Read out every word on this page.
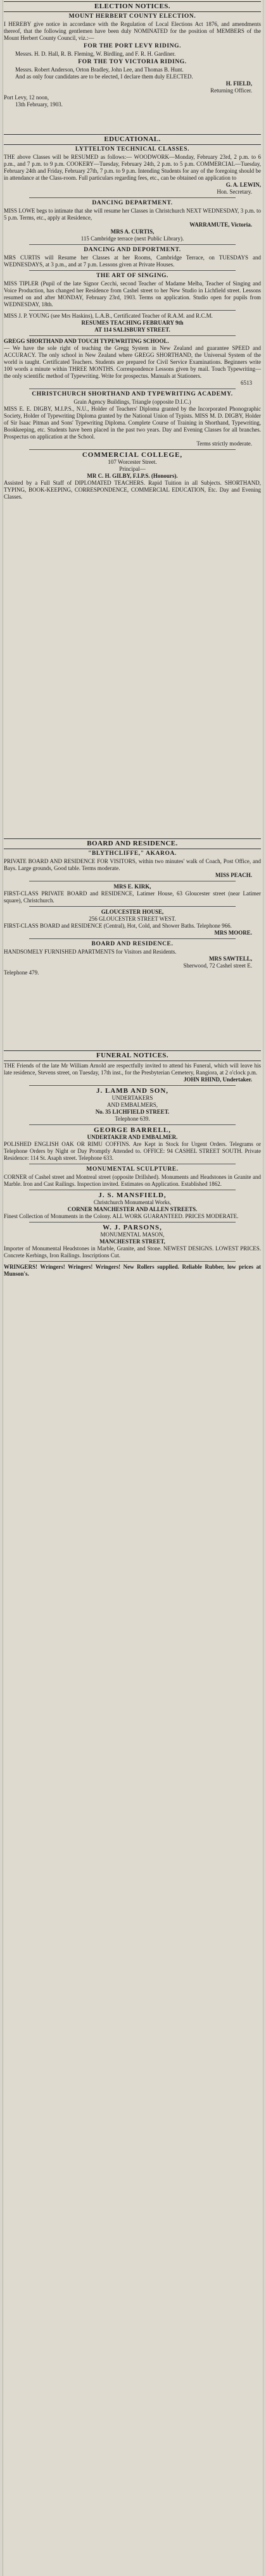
ELECTION NOTICES.
MOUNT HERBERT COUNTY ELECTION.
I HEREBY give notice in accordance with the Regulation of Local Elections Act 1876, and amendments thereof, that the following gentlemen have been duly NOMINATED for the position of MEMBERS of the Mount Herbert County Council, viz.:—
FOR THE PORT LEVY RIDING.
Messrs. H. D. Hall, R. B. Fleming, W. Birdling, and F. R. H. Gardiner.
FOR THE TOY VICTORIA RIDING.
Messrs. Robert Anderson, Orton Bradley, John Lee, and Thomas B. Hunt.
And as only four candidates are to be elected, I declare them duly ELECTED.
H. FIELD,
Returning Officer.
Port Levy, 12 noon,
13th February, 1903.
EDUCATIONAL.
LYTTELTON TECHNICAL CLASSES.
THE above Classes will be RESUMED as follows:— WOODWORK—Monday, February 23rd, 2 p.m. to 6 p.m., and 7 p.m. to 9 p.m. COOKERY—Tuesday, February 24th, 2 p.m. to 5 p.m. COMMERCIAL—Tuesday, February 24th and Friday, February 27th, 7 p.m. to 9 p.m. Intending Students for any of the foregoing should be in attendance at the Class-room. Full particulars regarding fees, etc., can be obtained on application to
G. A. LEWIN,
Hon. Secretary.
DANCING DEPARTMENT.
MISS LOWE begs to intimate that she will resume her Classes in Christchurch NEXT WEDNESDAY, 3 p.m. to 5 p.m. Terms, etc., apply at Residence,
WARRAMUTE, Victoria.
MRS A. CURTIS,
115 Cambridge terrace (next Public Library).
DANCING AND DEPORTMENT.
MRS CURTIS will Resume her Classes at her Rooms, Cambridge Terrace, on TUESDAYS and WEDNESDAYS, at 3 p.m., and at 7 p.m. Lessons given at Private Houses.
THE ART OF SINGING.
MISS TIPLER (Pupil of the late Signor Cecchi, second Teacher of Madame Melba, Teacher of Singing and Voice Production, has changed her Residence from Cashel street to her New Studio in Lichfield street. Lessons resumed on and after MONDAY, February 23rd, 1903. Terms on application. Studio open for pupils from WEDNESDAY, 18th.
MISS J. P. YOUNG (see Mrs Haskins), L.A.B., Certificated Teacher of R.A.M. and R.C.M.
RESUMES TEACHING FEBRUARY 9th
AT 114 SALISBURY STREET.
GREGG SHORTHAND AND TOUCH TYPEWRITING SCHOOL.
— We have the sole right of teaching the Gregg System in New Zealand and guarantee SPEED and ACCURACY. The only school in New Zealand where GREGG SHORTHAND, the Universal System of the world is taught. Certificated Teachers. Students are prepared for Civil Service Examinations. Beginners write 100 words a minute within THREE MONTHS. Correspondence Lessons given by mail. Touch Typewriting—the only scientific method of Typewriting. Write for prospectus. Manuals at Stationers.
6513
CHRISTCHURCH SHORTHAND AND TYPEWRITING ACADEMY.
Grain Agency Buildings, Triangle (opposite D.I.C.)
MISS E. E. DIGBY, M.I.P.S., N.U., Holder of Teachers' Diploma granted by the Incorporated Phonographic Society, Holder of Typewriting Diploma granted by the National Union of Typists. MISS M. D. DIGBY, Holder of Sir Isaac Pitman and Sons' Typewriting Diploma. Complete Course of Training in Shorthand, Typewriting, Bookkeeping, etc. Students have been placed in the past two years. Day and Evening Classes for all branches. Prospectus on application at the School.
Terms strictly moderate.
COMMERCIAL COLLEGE,
107 Worcester Street.
Principal—
MR C. H. GILBY, F.I.P.S. (Honours).
Assisted by a Full Staff of DIPLOMATED TEACHERS. Rapid Tuition in all Subjects. SHORTHAND, TYPING, BOOK-KEEPING, CORRESPONDENCE, COMMERCIAL EDUCATION, Etc. Day and Evening Classes.
BOARD AND RESIDENCE.
"BLYTHCLIFFE," AKAROA.
PRIVATE BOARD AND RESIDENCE FOR VISITORS, within two minutes' walk of Coach, Post Office, and Bays. Large grounds, Good table. Terms moderate.
MISS PEACH.
MRS E. KIRK,
FIRST-CLASS PRIVATE BOARD and RESIDENCE, Latimer House, 63 Gloucester street (near Latimer square), Christchurch.
GLOUCESTER HOUSE,
256 GLOUCESTER STREET WEST.
FIRST-CLASS BOARD and RESIDENCE (Central), Hot, Cold, and Shower Baths. Telephone 966.
MRS MOORE.
BOARD AND RESIDENCE.
HANDSOMELY FURNISHED APARTMENTS for Visitors and Residents.
MRS SAWTELL,
Sherwood, 72 Cashel street E.
Telephone 479.
FUNERAL NOTICES.
THE Friends of the late Mr William Arnold are respectfully invited to attend his Funeral, which will leave his late residence, Stevens street, on Tuesday, 17th inst., for the Presbyterian Cemetery, Rangiora, at 2 o'clock p.m.
JOHN RHIND, Undertaker.
J. LAMB AND SON,
UNDERTAKERS
AND EMBALMERS,
No. 35 LICHFIELD STREET.
Telephone 639.
GEORGE BARRELL,
UNDERTAKER AND EMBALMER.
POLISHED ENGLISH OAK OR RIMU COFFINS. Are Kept in Stock for Urgent Orders. Telegrams or Telephone Orders by Night or Day Promptly Attended to. OFFICE: 94 CASHEL STREET SOUTH. Private Residence: 114 St. Asaph street. Telephone 633.
MONUMENTAL SCULPTURE.
CORNER of Cashel street and Montreal street (opposite Drillshed). Monuments and Headstones in Granite and Marble. Iron and Cast Railings. Inspection invited. Estimates on Application. Established 1862.
J. S. MANSFIELD,
Christchurch Monumental Works,
CORNER MANCHESTER AND ALLEN STREETS.
Finest Collection of Monuments in the Colony. ALL WORK GUARANTEED. PRICES MODERATE.
W. J. PARSONS,
MONUMENTAL MASON,
MANCHESTER STREET,
Importer of Monumental Headstones in Marble, Granite, and Stone. NEWEST DESIGNS. LOWEST PRICES. Concrete Kerbings, Iron Railings. Inscriptions Cut.
WRINGERS! Wringers! Wringers! Wringers! New Rollers supplied. Reliable Rubber, low prices at Munson's.
